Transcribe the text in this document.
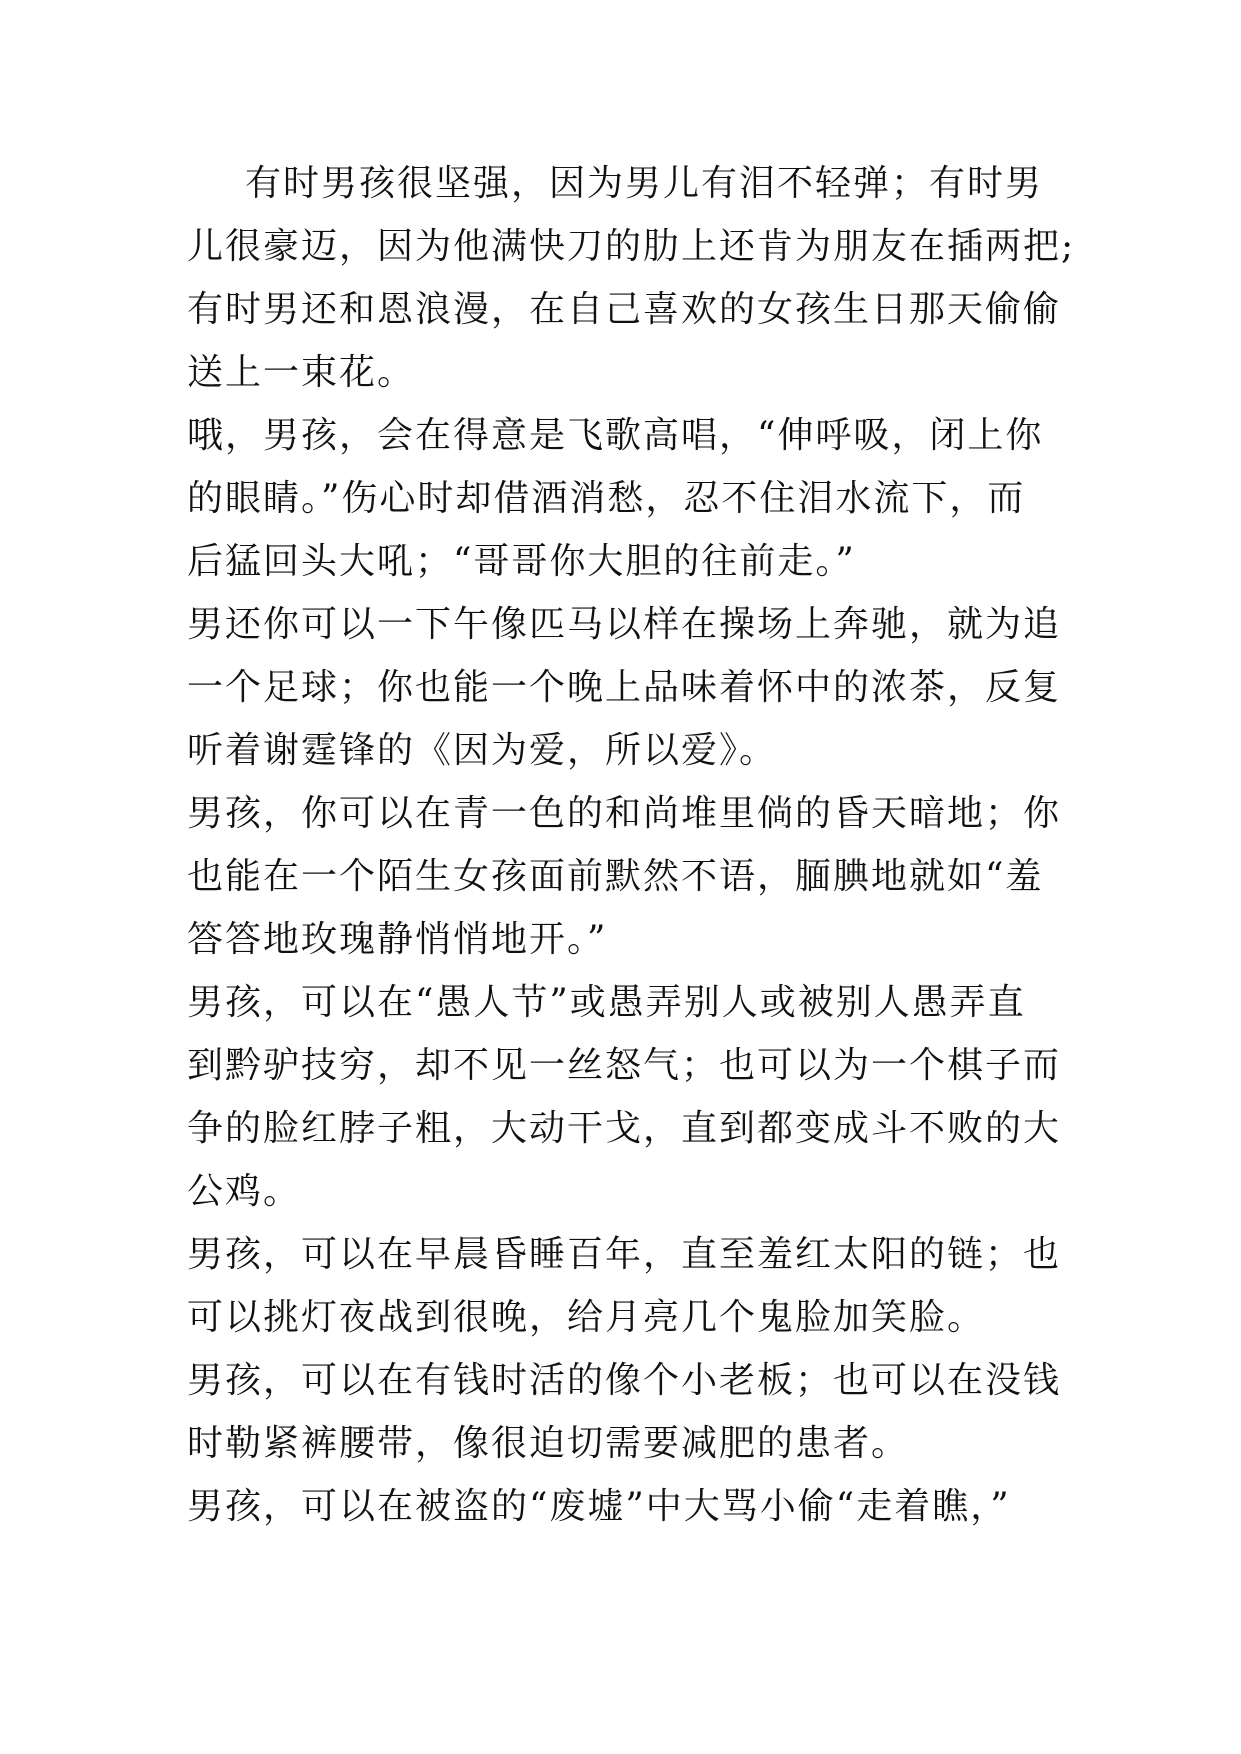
有时男孩很坚强，因为男儿有泪不轻弹；有时男
儿很豪迈，因为他满快刀的肋上还肯为朋友在插两把;
有时男还和恩浪漫，在自己喜欢的女孩生日那天偷偷
送上一束花。
哦，男孩，会在得意是飞歌高唱，“伸呼吸，闭上你
的眼睛。”伤心时却借酒消愁，忍不住泪水流下，而
后猛回头大吼；“哥哥你大胆的往前走。”
男还你可以一下午像匹马以样在操场上奔驰，就为追
一个足球；你也能一个晚上品味着怀中的浓茶，反复
听着谢霆锋的《因为爱，所以爱》。
男孩，你可以在青一色的和尚堆里倘的昏天暗地；你
也能在一个陌生女孩面前默然不语，腼腆地就如“羞
答答地玫瑰静悄悄地开。”
男孩，可以在“愚人节”或愚弄别人或被别人愚弄直
到黔驴技穷，却不见一丝怒气；也可以为一个棋子而
争的脸红脖子粗，大动干戈，直到都变成斗不败的大
公鸡。
男孩，可以在早晨昏睡百年，直至羞红太阳的链；也
可以挑灯夜战到很晚，给月亮几个鬼脸加笑脸。
男孩，可以在有钱时活的像个小老板；也可以在没钱
时勒紧裤腰带，像很迫切需要减肥的患者。
男孩，可以在被盗的“废墟”中大骂小偷“走着瞧，”
